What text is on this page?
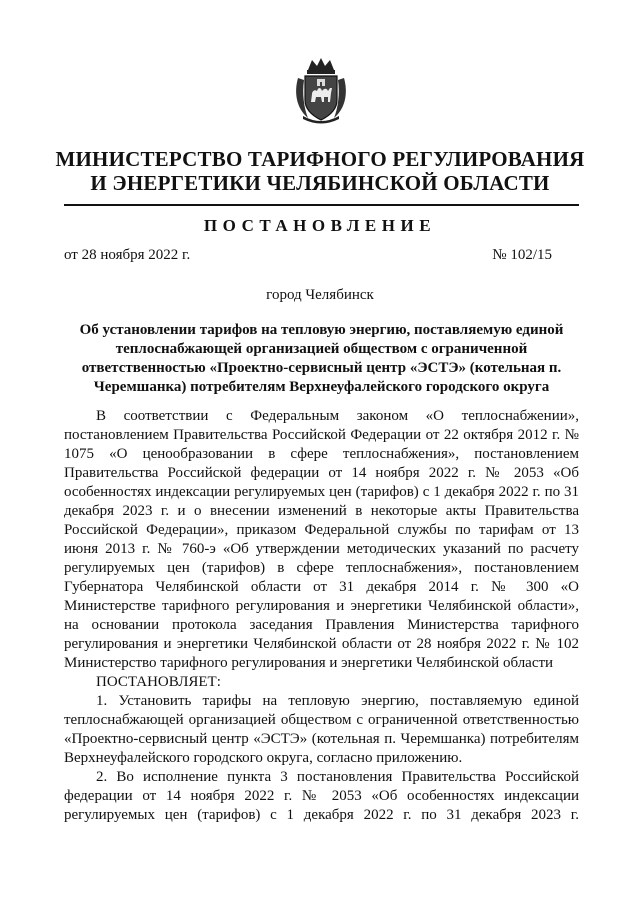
МИНИСТЕРСТВО ТАРИФНОГО РЕГУЛИРОВАНИЯ
И ЭНЕРГЕТИКИ ЧЕЛЯБИНСКОЙ ОБЛАСТИ
ПОСТАНОВЛЕНИЕ
от 28 ноября 2022 г.	№ 102/15
город Челябинск
Об установлении тарифов на тепловую энергию, поставляемую единой теплоснабжающей организацией обществом с ограниченной ответственностью «Проектно-сервисный центр «ЭСТЭ» (котельная п. Черемшанка) потребителям Верхнеуфалейского городского округа

В соответствии с Федеральным законом «О теплоснабжении», постановлением Правительства Российской Федерации от 22 октября 2012 г. № 1075 «О ценообразовании в сфере теплоснабжения», постановлением Правительства Российской федерации от 14 ноября 2022 г. № 2053 «Об особенностях индексации регулируемых цен (тарифов) с 1 декабря 2022 г. по 31 декабря 2023 г. и о внесении изменений в некоторые акты Правительства Российской Федерации», приказом Федеральной службы по тарифам от 13 июня 2013 г. № 760-э «Об утверждении методических указаний по расчету регулируемых цен (тарифов) в сфере теплоснабжения», постановлением Губернатора Челябинской области от 31 декабря 2014 г. № 300 «О Министерстве тарифного регулирования и энергетики Челябинской области», на основании протокола заседания Правления Министерства тарифного регулирования и энергетики Челябинской области от 28 ноября 2022 г. № 102 Министерство тарифного регулирования и энергетики Челябинской области

ПОСТАНОВЛЯЕТ:

1. Установить тарифы на тепловую энергию, поставляемую единой теплоснабжающей организацией обществом с ограниченной ответственностью «Проектно-сервисный центр «ЭСТЭ» (котельная п. Черемшанка) потребителям Верхнеуфалейского городского округа, согласно приложению.

2. Во исполнение пункта 3 постановления Правительства Российской федерации от 14 ноября 2022 г. № 2053 «Об особенностях индексации регулируемых цен (тарифов) с 1 декабря 2022 г. по 31 декабря 2023 г.
